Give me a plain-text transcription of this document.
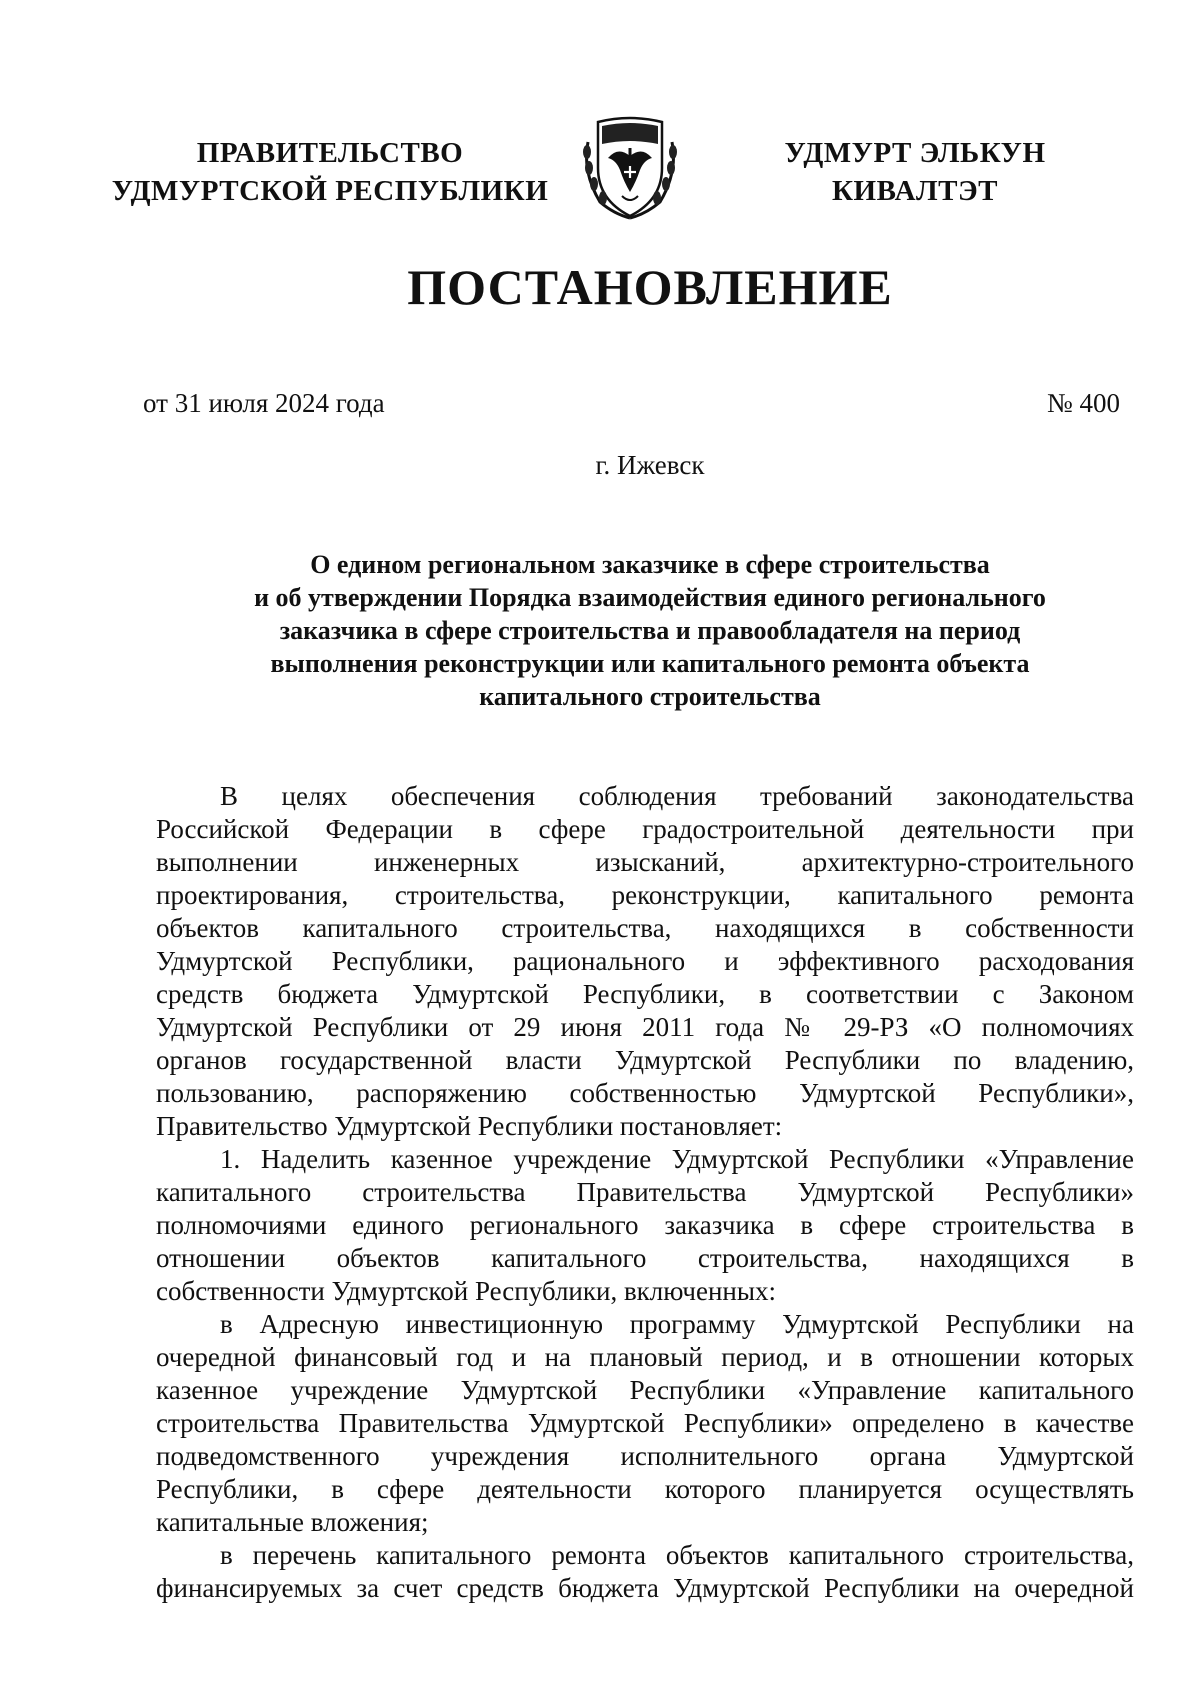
ПРАВИТЕЛЬСТВО
УДМУРТСКОЙ РЕСПУБЛИКИ
УДМУРТ ЭЛЬКУН
КИВАЛТЭТ
ПОСТАНОВЛЕНИЕ
от 31 июля 2024 года	№ 400
г. Ижевск
О едином региональном заказчике в сфере строительства
и об утверждении Порядка взаимодействия единого регионального
заказчика в сфере строительства и правообладателя на период
выполнения реконструкции или капитального ремонта объекта
капитального строительства
В целях обеспечения соблюдения требований законодательства
Российской Федерации в сфере градостроительной деятельности при
выполнении инженерных изысканий, архитектурно-строительного
проектирования, строительства, реконструкции, капитального ремонта
объектов капитального строительства, находящихся в собственности
Удмуртской Республики, рационального и эффективного расходования
средств бюджета Удмуртской Республики, в соответствии с Законом
Удмуртской Республики от 29 июня 2011 года № 29-РЗ «О полномочиях
органов государственной власти Удмуртской Республики по владению,
пользованию, распоряжению собственностью Удмуртской Республики»,
Правительство Удмуртской Республики постановляет:
1. Наделить казенное учреждение Удмуртской Республики «Управление
капитального строительства Правительства Удмуртской Республики»
полномочиями единого регионального заказчика в сфере строительства в
отношении объектов капитального строительства, находящихся в
собственности Удмуртской Республики, включенных:
в Адресную инвестиционную программу Удмуртской Республики на
очередной финансовый год и на плановый период, и в отношении которых
казенное учреждение Удмуртской Республики «Управление капитального
строительства Правительства Удмуртской Республики» определено в качестве
подведомственного учреждения исполнительного органа Удмуртской
Республики, в сфере деятельности которого планируется осуществлять
капитальные вложения;
в перечень капитального ремонта объектов капитального строительства,
финансируемых за счет средств бюджета Удмуртской Республики на очередной
